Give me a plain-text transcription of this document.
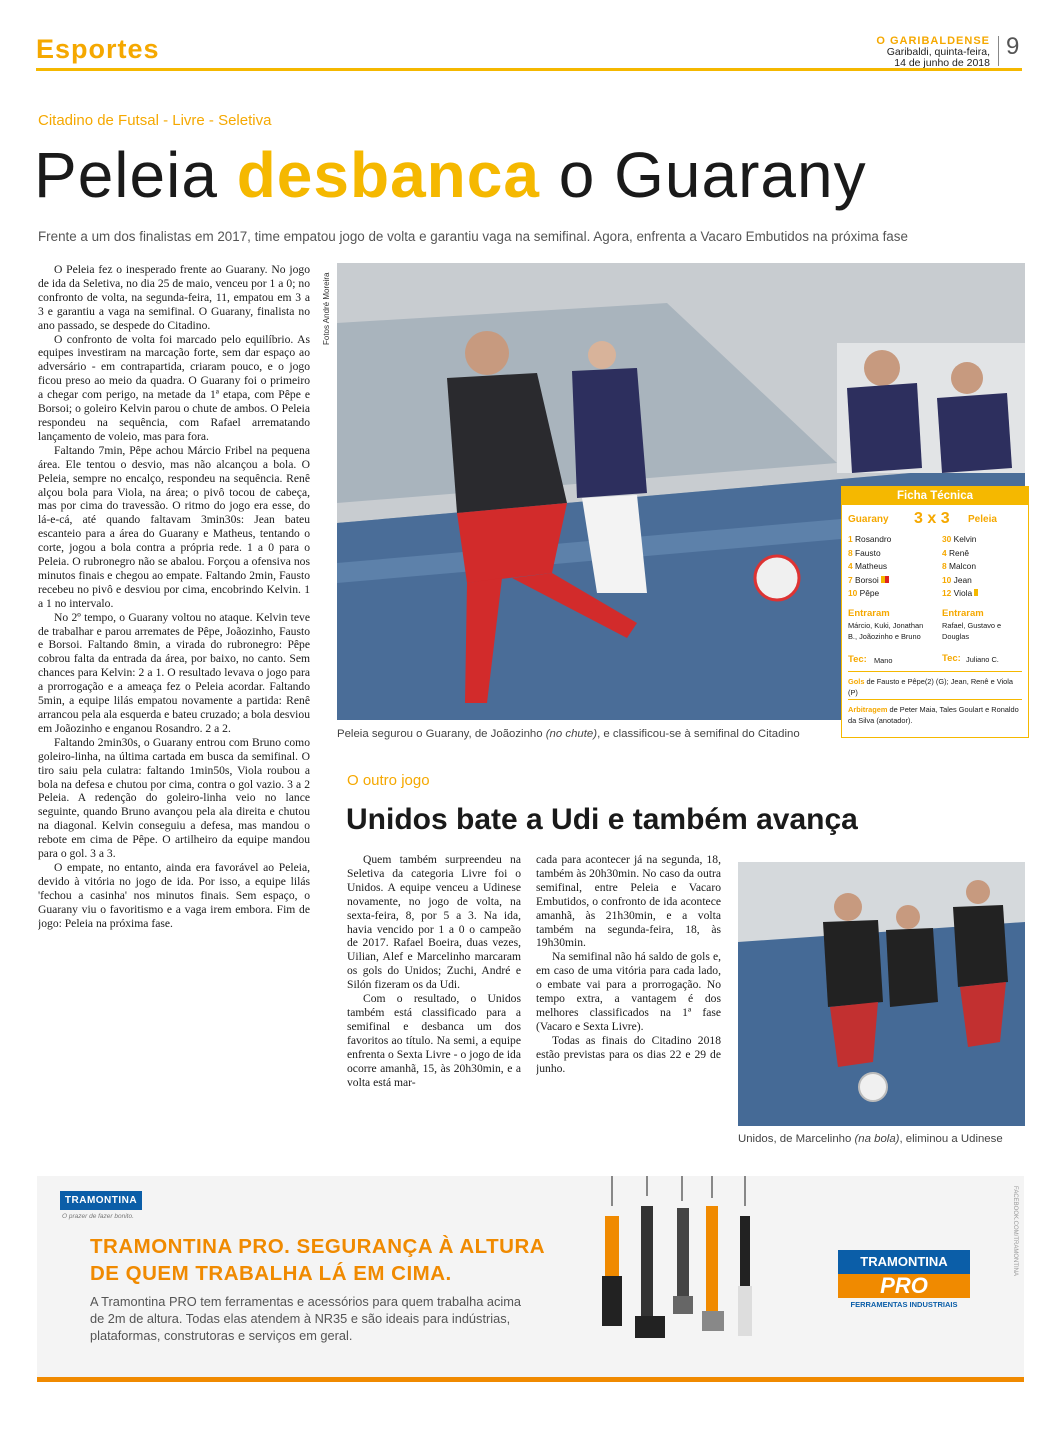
Esportes	O GARIBALDENSE
Garibaldi, quinta-feira,
14 de junho de 2018
9
Citadino de Futsal - Livre - Seletiva
Peleia desbanca o Guarany
Frente a um dos finalistas em 2017, time empatou jogo de volta e garantiu vaga na semifinal. Agora, enfrenta a Vacaro Embutidos na próxima fase

O Peleia fez o inesperado frente ao Guarany. No jogo de ida da Seletiva, no dia 25 de maio, venceu por 1 a 0; no confronto de volta, na segunda-feira, 11, empatou em 3 a 3 e garantiu a vaga na semifinal. O Guarany, finalista no ano passado, se despede do Citadino.

O confronto de volta foi marcado pelo equilíbrio. As equipes investiram na marcação forte, sem dar espaço ao adversário - em contrapartida, criaram pouco, e o jogo ficou preso ao meio da quadra. O Guarany foi o primeiro a chegar com perigo, na metade da 1ª etapa, com Pêpe e Borsoi; o goleiro Kelvin parou o chute de ambos. O Peleia respondeu na sequência, com Rafael arrematando lançamento de voleio, mas para fora.

Faltando 7min, Pêpe achou Márcio Fribel na pequena área. Ele tentou o desvio, mas não alcançou a bola. O Peleia, sempre no encalço, respondeu na sequência. Renê alçou bola para Viola, na área; o pivô tocou de cabeça, mas por cima do travessão. O ritmo do jogo era esse, do lá-e-cá, até quando faltavam 3min30s: Jean bateu escanteio para a área do Guarany e Matheus, tentando o corte, jogou a bola contra a própria rede. 1 a 0 para o Peleia. O rubronegro não se abalou. Forçou a ofensiva nos minutos finais e chegou ao empate. Faltando 2min, Fausto recebeu no pivô e desviou por cima, encobrindo Kelvin. 1 a 1 no intervalo.

No 2º tempo, o Guarany voltou no ataque. Kelvin teve de trabalhar e parou arremates de Pêpe, Joãozinho, Fausto e Borsoi. Faltando 8min, a virada do rubronegro: Pêpe cobrou falta da entrada da área, por baixo, no canto. Sem chances para Kelvin: 2 a 1. O resultado levava o jogo para a prorrogação e a ameaça fez o Peleia acordar. Faltando 5min, a equipe lilás empatou novamente a partida: Renê arrancou pela ala esquerda e bateu cruzado; a bola desviou em Joãozinho e enganou Rosandro. 2 a 2.

Faltando 2min30s, o Guarany entrou com Bruno como goleiro-linha, na última cartada em busca da semifinal. O tiro saiu pela culatra: faltando 1min50s, Viola roubou a bola na defesa e chutou por cima, contra o gol vazio. 3 a 2 Peleia. A redenção do goleiro-linha veio no lance seguinte, quando Bruno avançou pela ala direita e chutou na diagonal. Kelvin conseguiu a defesa, mas mandou o rebote em cima de Pêpe. O artilheiro da equipe mandou para o gol. 3 a 3.

O empate, no entanto, ainda era favorável ao Peleia, devido à vitória no jogo de ida. Por isso, a equipe lilás 'fechou a casinha' nos minutos finais. Sem espaço, o Guarany viu o favoritismo e a vaga irem embora. Fim de jogo: Peleia na próxima fase.

Fotos André Moreira
Peleia segurou o Guarany, de Joãozinho (no chute), e classificou-se à semifinal do Citadino
Ficha Técnica
Guarany 3 x 3 Peleia
1 Rosandro
8 Fausto
4 Matheus
7 Borsoi
10 Pêpe
30 Kelvin
4 Renê
8 Malcon
10 Jean
12 Viola
Entraram
Márcio, Kuki, Jonathan B., Joãozinho e Bruno
Entraram
Rafael, Gustavo e Douglas
Tec: Mano	Tec: Juliano C.
Gols de Fausto e Pêpe(2) (G); Jean, Renê e Viola (P)
Arbitragem de Peter Maia, Tales Goulart e Ronaldo da Silva (anotador).
O outro jogo
Unidos bate a Udi e também avança

Quem também surpreendeu na Seletiva da categoria Livre foi o Unidos. A equipe venceu a Udinese novamente, no jogo de volta, na sexta-feira, 8, por 5 a 3. Na ida, havia vencido por 1 a 0 o campeão de 2017. Rafael Boeira, duas vezes, Uilian, Alef e Marcelinho marcaram os gols do Unidos; Zuchi, André e Silón fizeram os da Udi.

Com o resultado, o Unidos também está classificado para a semifinal e desbanca um dos favoritos ao título. Na semi, a equipe enfrenta o Sexta Livre - o jogo de ida ocorre amanhã, 15, às 20h30min, e a volta está mar-

cada para acontecer já na segunda, 18, também às 20h30min. No caso da outra semifinal, entre Peleia e Vacaro Embutidos, o confronto de ida acontece amanhã, às 21h30min, e a volta também na segunda-feira, 18, às 19h30min.

Na semifinal não há saldo de gols e, em caso de uma vitória para cada lado, o embate vai para a prorrogação. No tempo extra, a vantagem é dos melhores classificados na 1ª fase (Vacaro e Sexta Livre).

Todas as finais do Citadino 2018 estão previstas para os dias 22 e 29 de junho.

Unidos, de Marcelinho (na bola), eliminou a Udinese
TRAMONTINA
O prazer de fazer bonito.
TRAMONTINA PRO. SEGURANÇA À ALTURA
DE QUEM TRABALHA LÁ EM CIMA.
A Tramontina PRO tem ferramentas e acessórios para quem trabalha acima de 2m de altura. Todas elas atendem à NR35 e são ideais para indústrias, plataformas, construtoras e serviços em geral.
TRAMONTINA
PRO
FERRAMENTAS INDUSTRIAIS
FACEBOOK.COM/TRAMONTINA
